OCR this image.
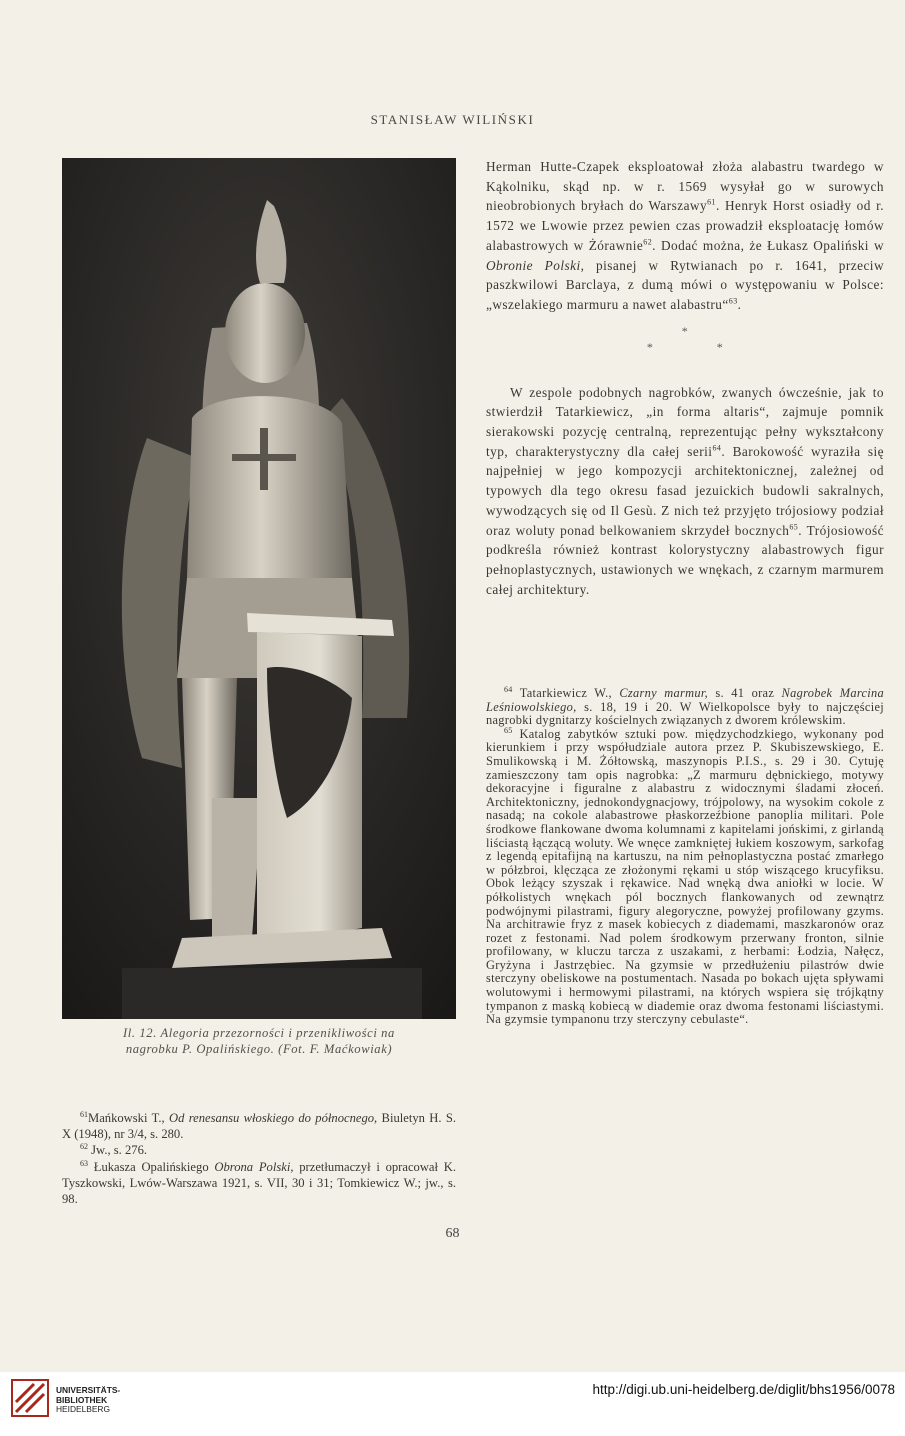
STANISŁAW WILIŃSKI
Il. 12. Alegoria przezorności i przenikliwości na
nagrobku P. Opalińskiego. (Fot. F. Maćkowiak)

$^{61}$Mańkowski T., Od renesansu włoskiego do północnego, Biuletyn H. S. X (1948), nr 3/4, s. 280.

$^{62}$ Jw., s. 276.

$^{63}$ Łukasza Opalińskiego Obrona Polski, przetłumaczył i opracował K. Tyszkowski, Lwów-Warszawa 1921, s. VII, 30 i 31; Tomkiewicz W.; jw., s. 98.

Herman Hutte-Czapek eksploatował złoża alabastru twardego w Kąkolniku, skąd np. w r. 1569 wysyłał go w surowych nieobrobionych bryłach do Warszawy$^{61}$. Henryk Horst osiadły od r. 1572 we Lwowie przez pewien czas prowadził eksploatację łomów alabastrowych w Żórawnie$^{62}$. Dodać można, że Łukasz Opaliński w Obronie Polski, pisanej w Rytwianach po r. 1641, przeciw paszkwilowi Barclaya, z dumą mówi o występowaniu w Polsce: „wszelakiego marmuru a nawet alabastru“$^{63}$.

*
* *

W zespole podobnych nagrobków, zwanych ówcześnie, jak to stwierdził Tatarkiewicz, „in forma altaris“, zajmuje pomnik sierakowski pozycję centralną, reprezentując pełny wykształcony typ, charakterystyczny dla całej serii$^{64}$. Barokowość wyraziła się najpełniej w jego kompozycji architektonicznej, zależnej od typowych dla tego okresu fasad jezuickich budowli sakralnych, wywodzących się od Il Gesù. Z nich też przyjęto trójosiowy podział oraz woluty ponad belkowaniem skrzydeł bocznych$^{65}$. Trójosiowość podkreśla również kontrast kolorystyczny alabastrowych figur pełnoplastycznych, ustawionych we wnękach, z czarnym marmurem całej architektury.

$^{64}$ Tatarkiewicz W., Czarny marmur, s. 41 oraz Nagrobek Marcina Leśniowolskiego, s. 18, 19 i 20. W Wielkopolsce były to najczęściej nagrobki dygnitarzy kościelnych związanych z dworem królewskim.

$^{65}$ Katalog zabytków sztuki pow. międzychodzkiego, wykonany pod kierunkiem i przy współudziale autora przez P. Skubiszewskiego, E. Smulikowską i M. Żółtowską, maszynopis P.I.S., s. 29 i 30. Cytuję zamieszczony tam opis nagrobka: „Z marmuru dębnickiego, motywy dekoracyjne i figuralne z alabastru z widocznymi śladami złoceń. Architektoniczny, jednokondygnacjowy, trójpolowy, na wysokim cokole z nasadą; na cokole alabastrowe płaskorzeźbione panoplia militari. Pole środkowe flankowane dwoma kolumnami z kapitelami jońskimi, z girlandą liściastą łączącą woluty. We wnęce zamkniętej łukiem koszowym, sarkofag z legendą epitafijną na kartuszu, na nim pełnoplastyczna postać zmarłego w półzbroi, klęcząca ze złożonymi rękami u stóp wiszącego krucyfiksu. Obok leżący szyszak i rękawice. Nad wnęką dwa aniołki w locie. W półkolistych wnękach pól bocznych flankowanych od zewnątrz podwójnymi pilastrami, figury alegoryczne, powyżej profilowany gzyms. Na architrawie fryz z masek kobiecych z diademami, maszkaronów oraz rozet z festonami. Nad polem środkowym przerwany fronton, silnie profilowany, w kluczu tarcza z uszakami, z herbami: Łodzia, Nałęcz, Gryżyna i Jastrzębiec. Na gzymsie w przedłużeniu pilastrów dwie sterczyny obeliskowe na postumentach. Nasada po bokach ujęta spływami wolutowymi i hermowymi pilastrami, na których wspiera się trójkątny tympanon z maską kobiecą w diademie oraz dwoma festonami liściastymi. Na gzymsie tympanonu trzy sterczyny cebulaste“.

68
UNIVERSITÄTS-
BIBLIOTHEK
HEIDELBERG
http://digi.ub.uni-heidelberg.de/diglit/bhs1956/0078
